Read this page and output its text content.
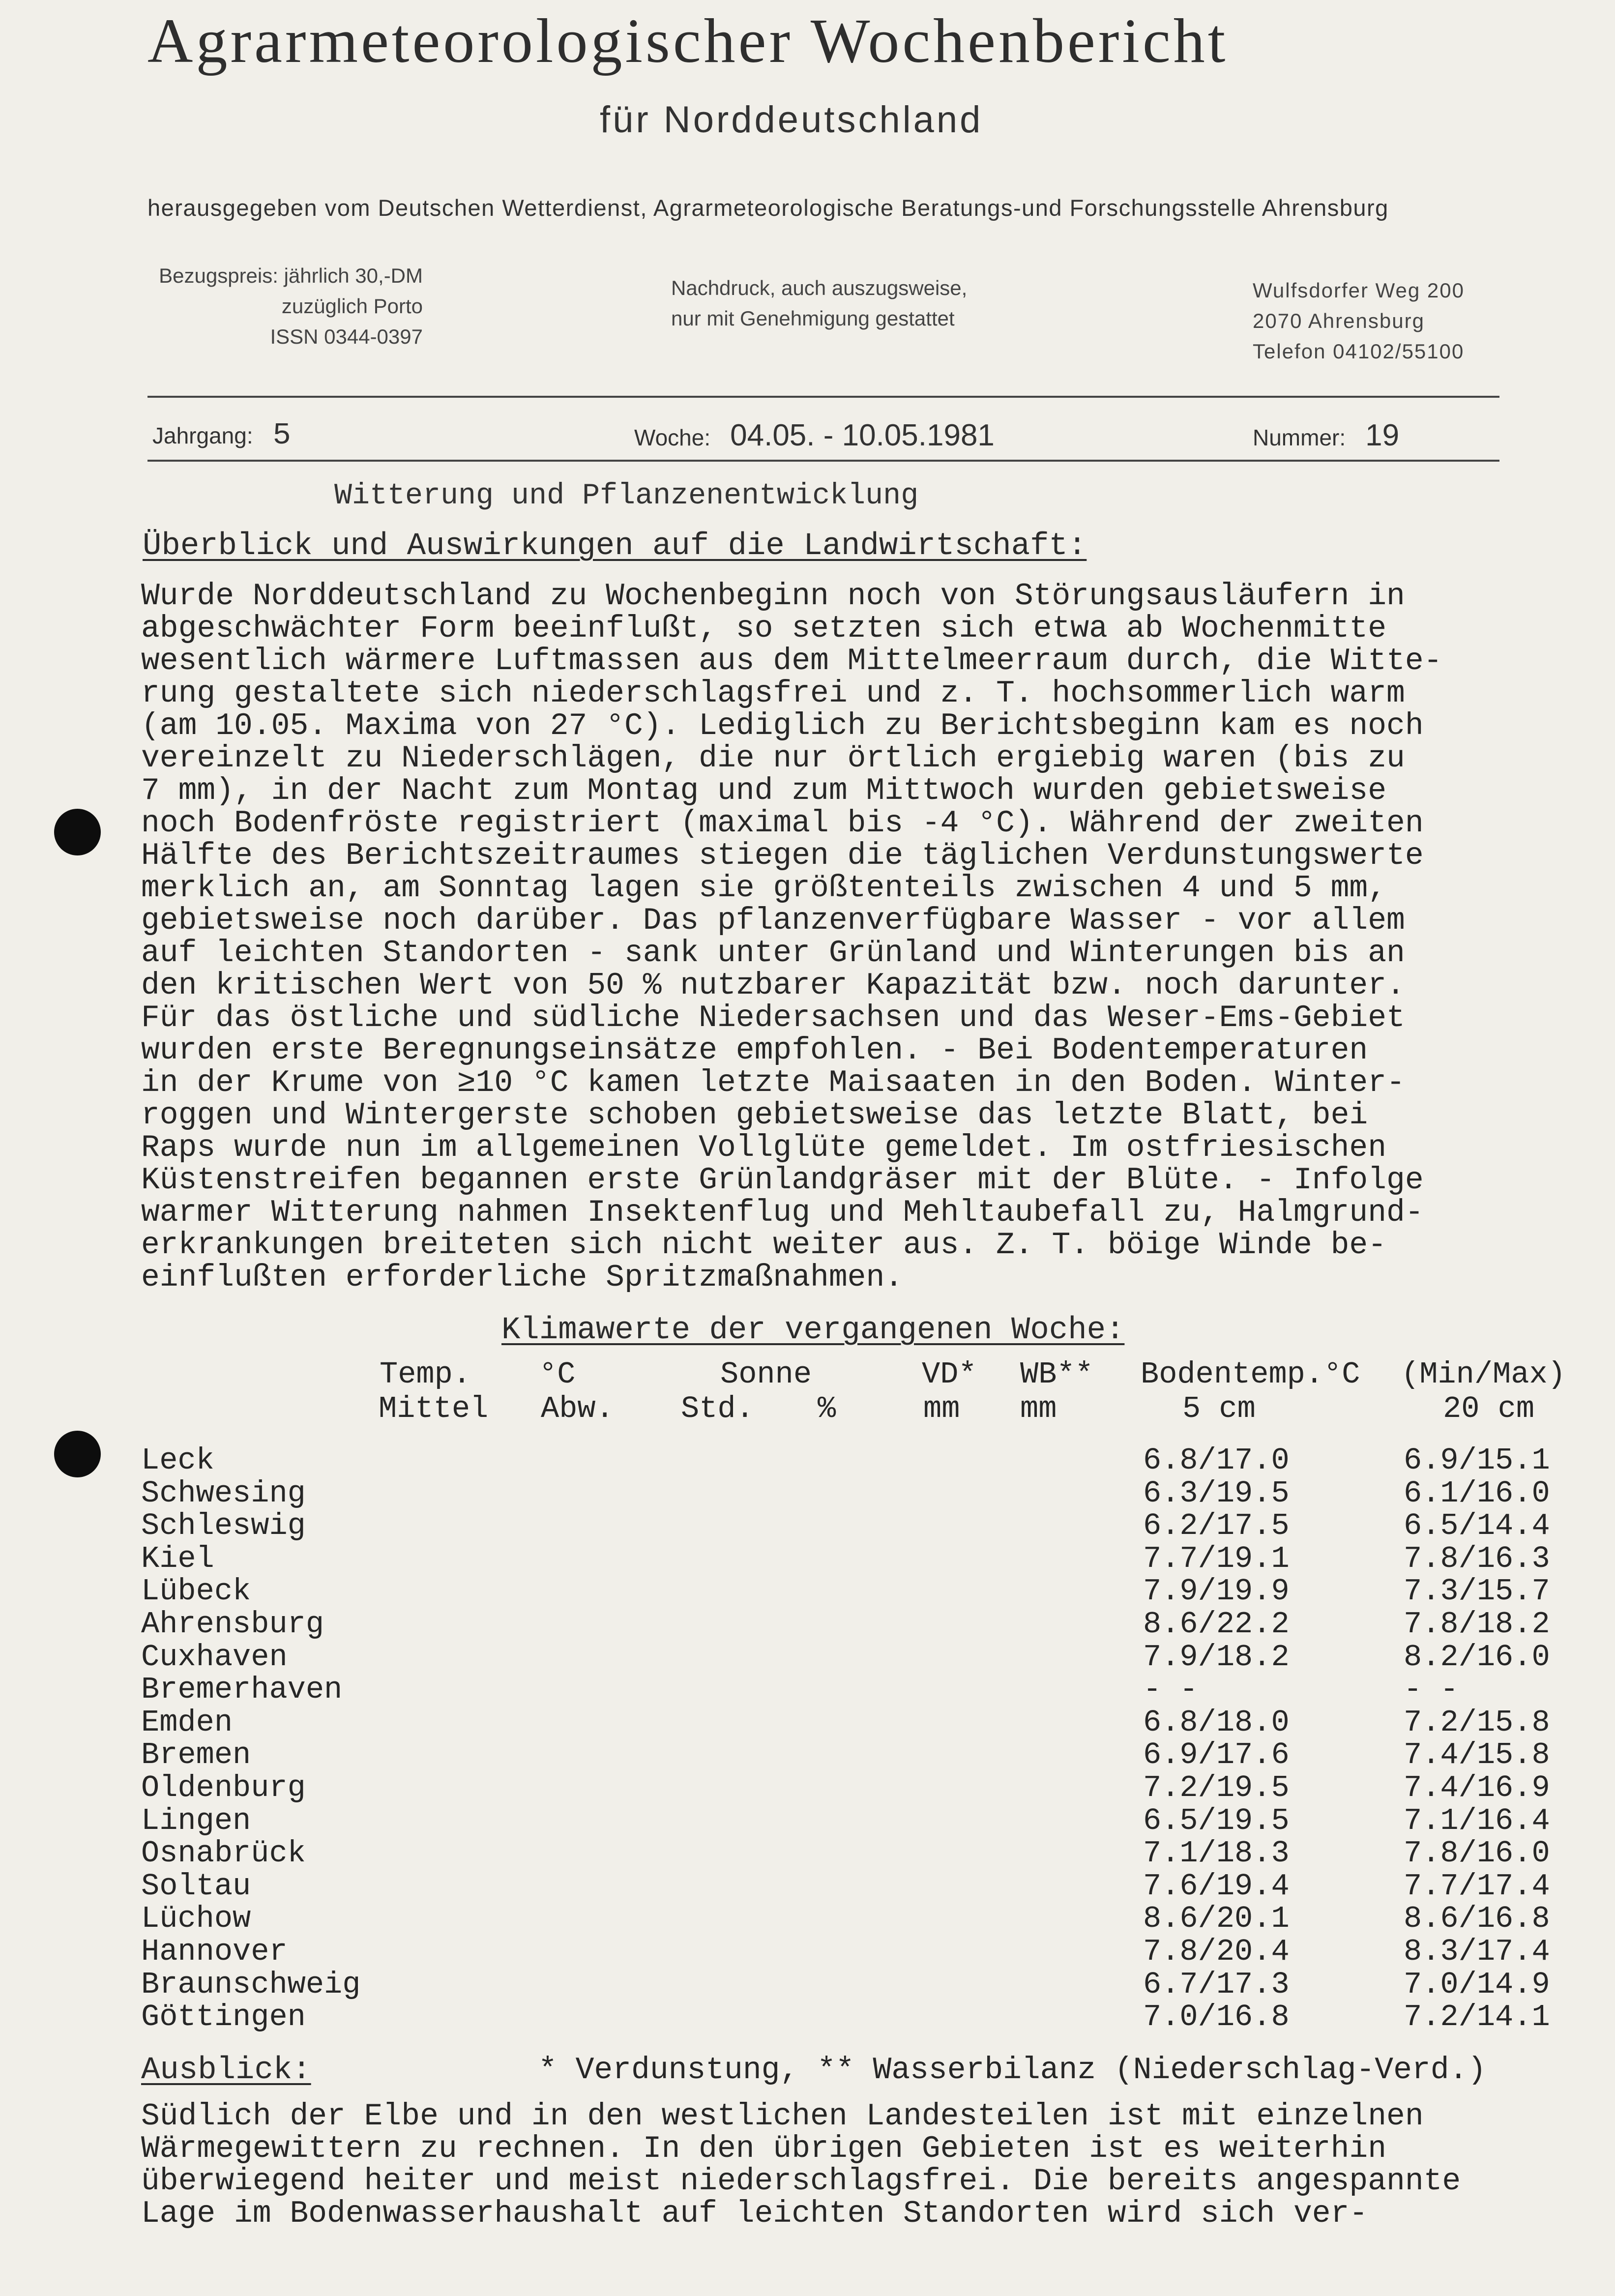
Agrarmeteorologischer Wochenbericht
für Norddeutschland
herausgegeben vom Deutschen Wetterdienst, Agrarmeteorologische Beratungs-und Forschungsstelle Ahrensburg
Bezugspreis: jährlich 30,-DM
zuzüglich Porto
ISSN 0344-0397
Nachdruck, auch auszugsweise,
nur mit Genehmigung gestattet
Wulfsdorfer Weg 200
2070 Ahrensburg
Telefon 04102/55100
Jahrgang: 5	Woche: 04.05. - 10.05.1981	Nummer: 19
Witterung und Pflanzenentwicklung
Überblick und Auswirkungen auf die Landwirtschaft:
Wurde Norddeutschland zu Wochenbeginn noch von Störungsausläufern in
abgeschwächter Form beeinflußt, so setzten sich etwa ab Wochenmitte
wesentlich wärmere Luftmassen aus dem Mittelmeerraum durch, die Witte-
rung gestaltete sich niederschlagsfrei und z. T. hochsommerlich warm
(am 10.05. Maxima von 27 °C). Lediglich zu Berichtsbeginn kam es noch
vereinzelt zu Niederschlägen, die nur örtlich ergiebig waren (bis zu
7 mm), in der Nacht zum Montag und zum Mittwoch wurden gebietsweise
noch Bodenfröste registriert (maximal bis -4 °C). Während der zweiten
Hälfte des Berichtszeitraumes stiegen die täglichen Verdunstungswerte
merklich an, am Sonntag lagen sie größtenteils zwischen 4 und 5 mm,
gebietsweise noch darüber. Das pflanzenverfügbare Wasser - vor allem
auf leichten Standorten - sank unter Grünland und Winterungen bis an
den kritischen Wert von 50 % nutzbarer Kapazität bzw. noch darunter.
Für das östliche und südliche Niedersachsen und das Weser-Ems-Gebiet
wurden erste Beregnungseinsätze empfohlen. - Bei Bodentemperaturen
in der Krume von ≥10 °C kamen letzte Maisaaten in den Boden. Winter-
roggen und Wintergerste schoben gebietsweise das letzte Blatt, bei
Raps wurde nun im allgemeinen Vollglüte gemeldet. Im ostfriesischen
Küstenstreifen begannen erste Grünlandgräser mit der Blüte. - Infolge
warmer Witterung nahmen Insektenflug und Mehltaubefall zu, Halmgrund-
erkrankungen breiteten sich nicht weiter aus. Z. T. böige Winde be-
einflußten erforderliche Spritzmaßnahmen.
Klimawerte der vergangenen Woche:
Temp. °C	Sonne	VD* WB** Bodentemp.°C (Min/Max)
Mittel Abw. Std. %	mm mm	5 cm	20 cm
Leck	6.8/17.0	6.9/15.1
Schwesing	6.3/19.5	6.1/16.0
Schleswig	6.2/17.5	6.5/14.4
Kiel	7.7/19.1	7.8/16.3
Lübeck	7.9/19.9	7.3/15.7
Ahrensburg	8.6/22.2	7.8/18.2
Cuxhaven	7.9/18.2	8.2/16.0
Bremerhaven	- -	- -
Emden	6.8/18.0	7.2/15.8
Bremen	6.9/17.6	7.4/15.8
Oldenburg	7.2/19.5	7.4/16.9
Lingen	6.5/19.5	7.1/16.4
Osnabrück	7.1/18.3	7.8/16.0
Soltau	7.6/19.4	7.7/17.4
Lüchow	8.6/20.1	8.6/16.8
Hannover	7.8/20.4	8.3/17.4
Braunschweig	6.7/17.3	7.0/14.9
Göttingen	7.0/16.8	7.2/14.1
Ausblick:	* Verdunstung, ** Wasserbilanz (Niederschlag-Verd.)
Südlich der Elbe und in den westlichen Landesteilen ist mit einzelnen
Wärmegewittern zu rechnen. In den übrigen Gebieten ist es weiterhin
überwiegend heiter und meist niederschlagsfrei. Die bereits angespannte
Lage im Bodenwasserhaushalt auf leichten Standorten wird sich ver-
